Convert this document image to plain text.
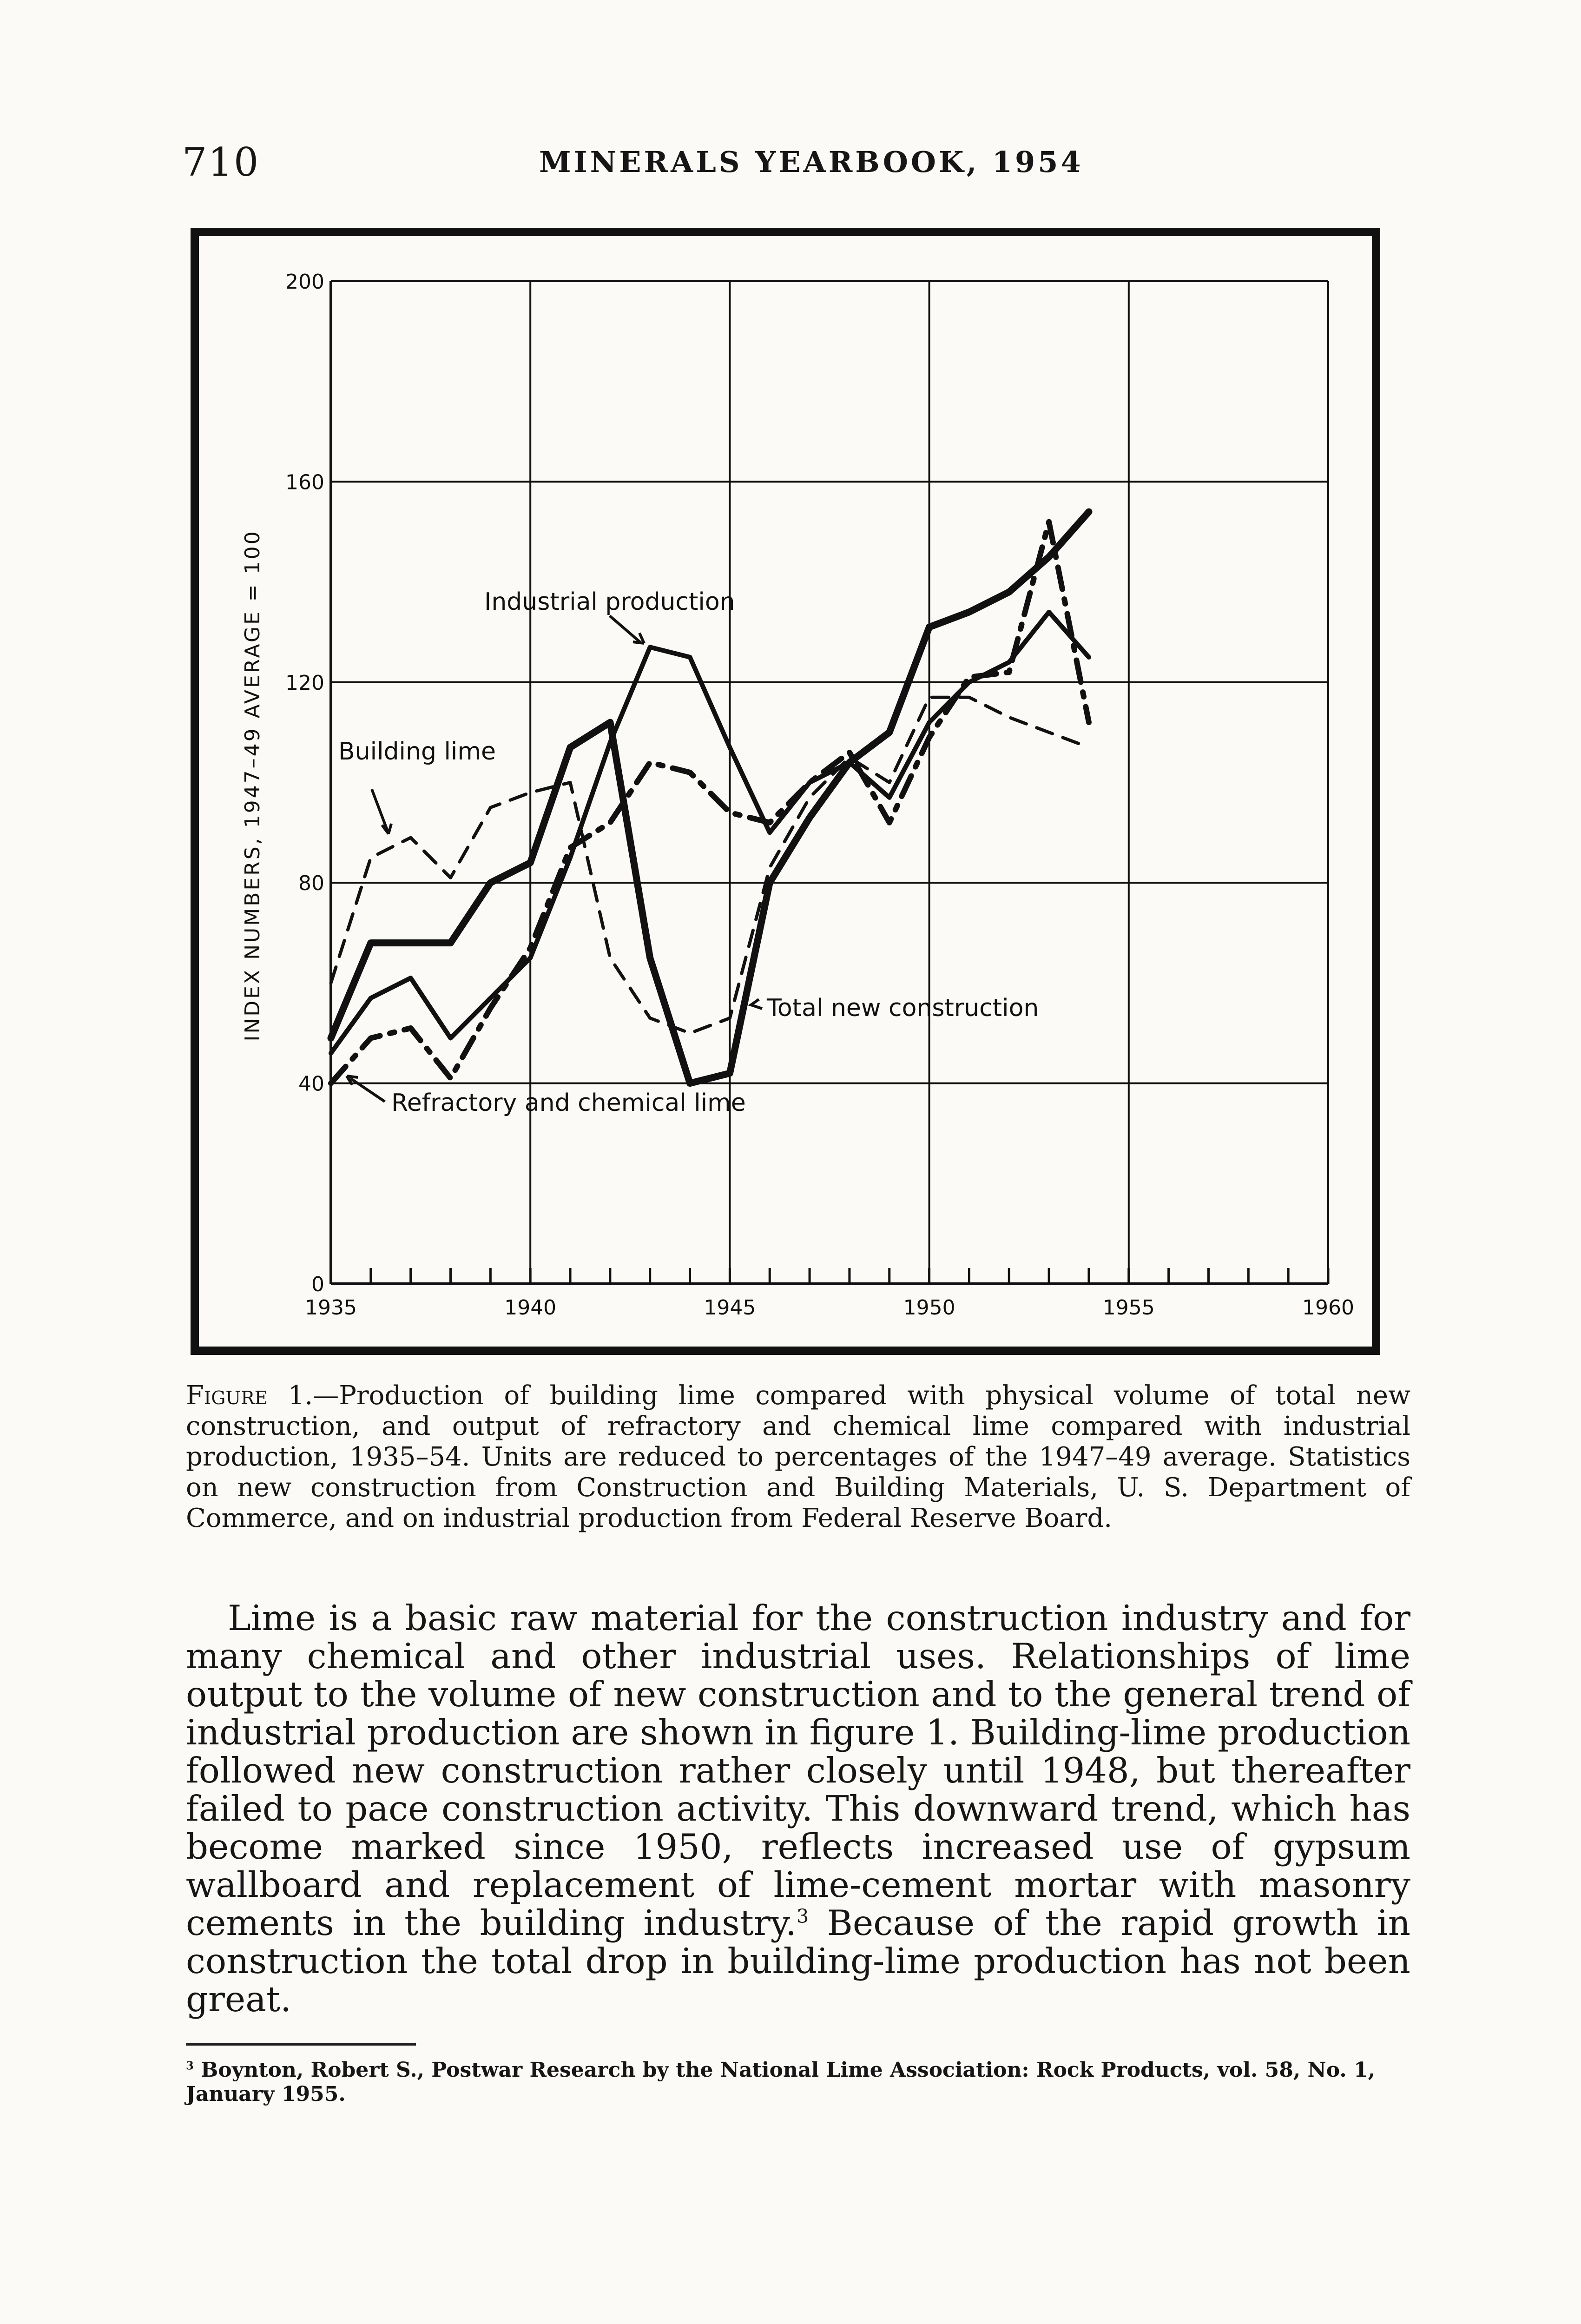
710	MINERALS YEARBOOK, 1954
0
40
80
120
160
200
1935	1940	1945	1950	1955	1960
INDEX NUMBERS, 1947–49 AVERAGE = 100	Industrial production
Building lime
Total new construction
Refractory and chemical lime
Figure 1.—Production of building lime compared with physical volume of total new construction, and output of refractory and chemical lime compared with industrial production, 1935–54. Units are reduced to percentages of the 1947–49 average. Statistics on new construction from Construction and Building Materials, U. S. Department of Commerce, and on industrial production from Federal Reserve Board.
Lime is a basic raw material for the construction industry and for many chemical and other industrial uses. Relationships of lime output to the volume of new construction and to the general trend of industrial production are shown in figure 1. Building-lime production followed new construction rather closely until 1948, but thereafter failed to pace construction activity. This downward trend, which has become marked since 1950, reflects increased use of gypsum wallboard and replacement of lime-cement mortar with masonry cements in the building industry.$^3$ Because of the rapid growth in construction the total drop in building-lime production has not been great.
$^3$ Boynton, Robert S., Postwar Research by the National Lime Association: Rock Products, vol. 58, No. 1, January 1955.
